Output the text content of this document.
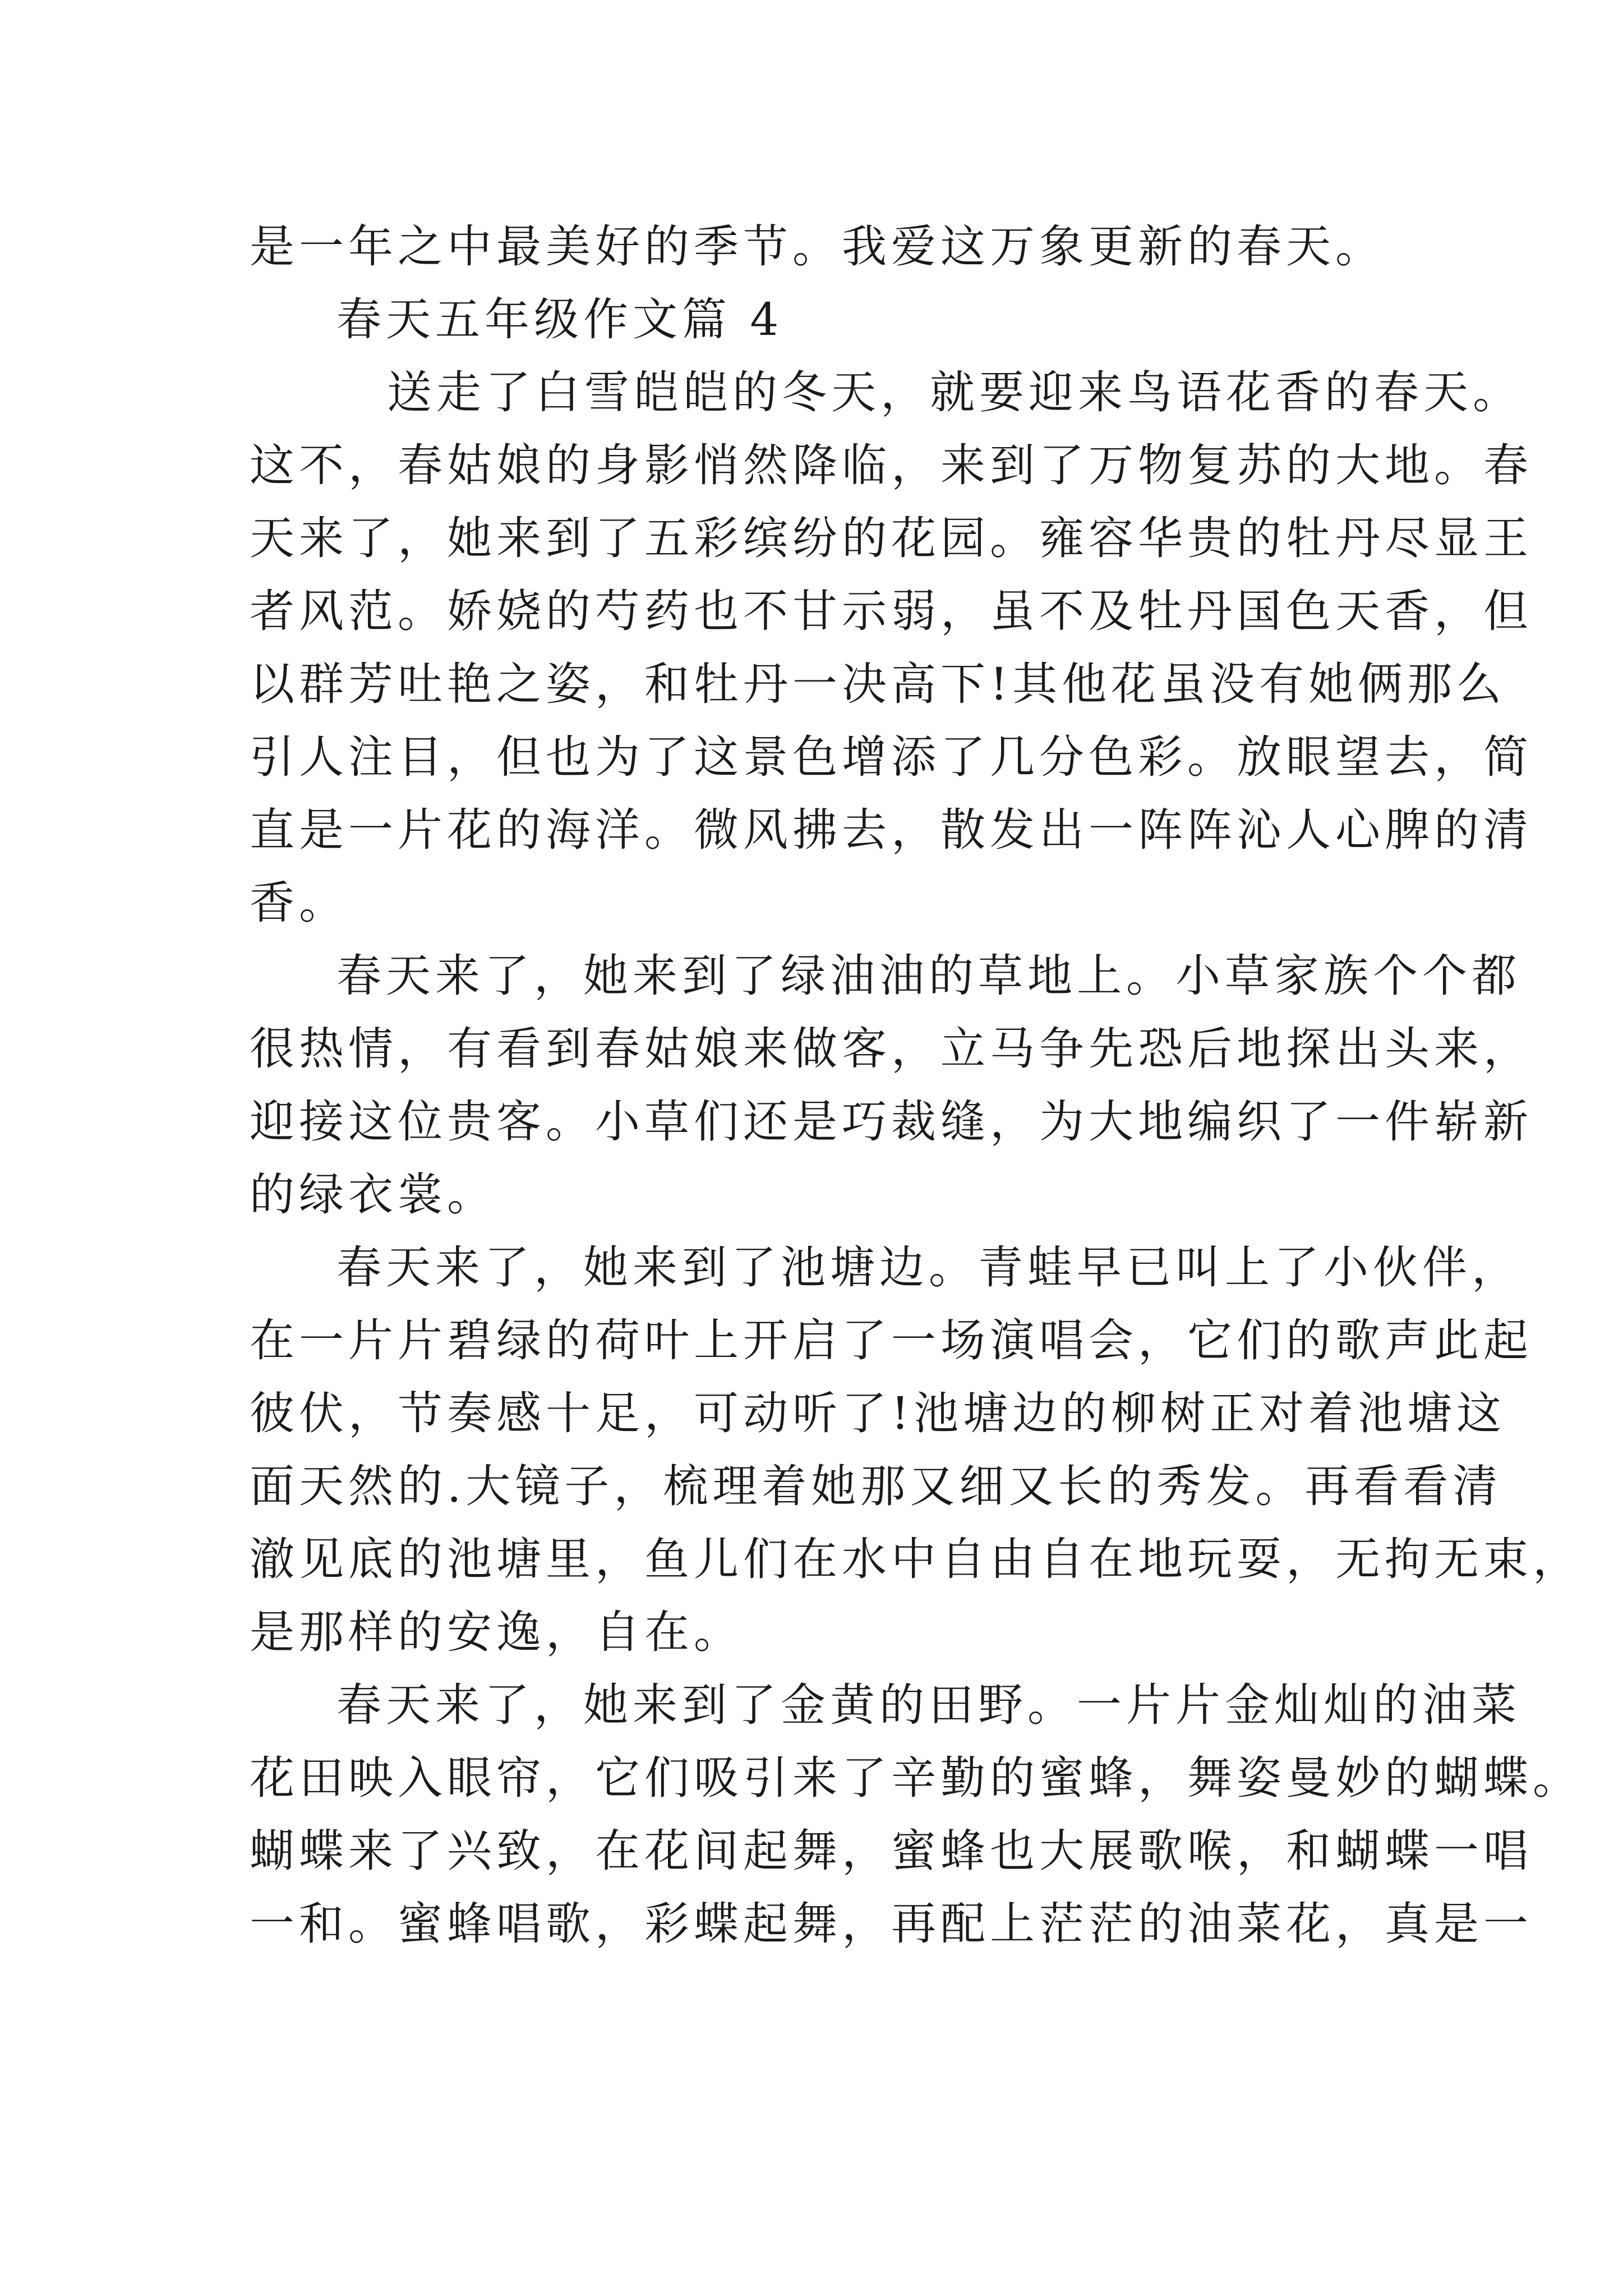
是一年之中最美好的季节。我爱这万象更新的春天。
春天五年级作文篇 4
送走了白雪皑皑的冬天，就要迎来鸟语花香的春天。
这不，春姑娘的身影悄然降临，来到了万物复苏的大地。春
天来了，她来到了五彩缤纷的花园。雍容华贵的牡丹尽显王
者风范。娇娆的芍药也不甘示弱，虽不及牡丹国色天香，但
以群芳吐艳之姿，和牡丹一决高下!其他花虽没有她俩那么
引人注目，但也为了这景色增添了几分色彩。放眼望去，简
直是一片花的海洋。微风拂去，散发出一阵阵沁人心脾的清
香。
春天来了，她来到了绿油油的草地上。小草家族个个都
很热情，有看到春姑娘来做客，立马争先恐后地探出头来，
迎接这位贵客。小草们还是巧裁缝，为大地编织了一件崭新
的绿衣裳。
春天来了，她来到了池塘边。青蛙早已叫上了小伙伴，
在一片片碧绿的荷叶上开启了一场演唱会，它们的歌声此起
彼伏，节奏感十足，可动听了!池塘边的柳树正对着池塘这
面天然的.大镜子，梳理着她那又细又长的秀发。再看看清
澈见底的池塘里，鱼儿们在水中自由自在地玩耍，无拘无束，
是那样的安逸，自在。
春天来了，她来到了金黄的田野。一片片金灿灿的油菜
花田映入眼帘，它们吸引来了辛勤的蜜蜂，舞姿曼妙的蝴蝶。
蝴蝶来了兴致，在花间起舞，蜜蜂也大展歌喉，和蝴蝶一唱
一和。蜜蜂唱歌，彩蝶起舞，再配上茫茫的油菜花，真是一
